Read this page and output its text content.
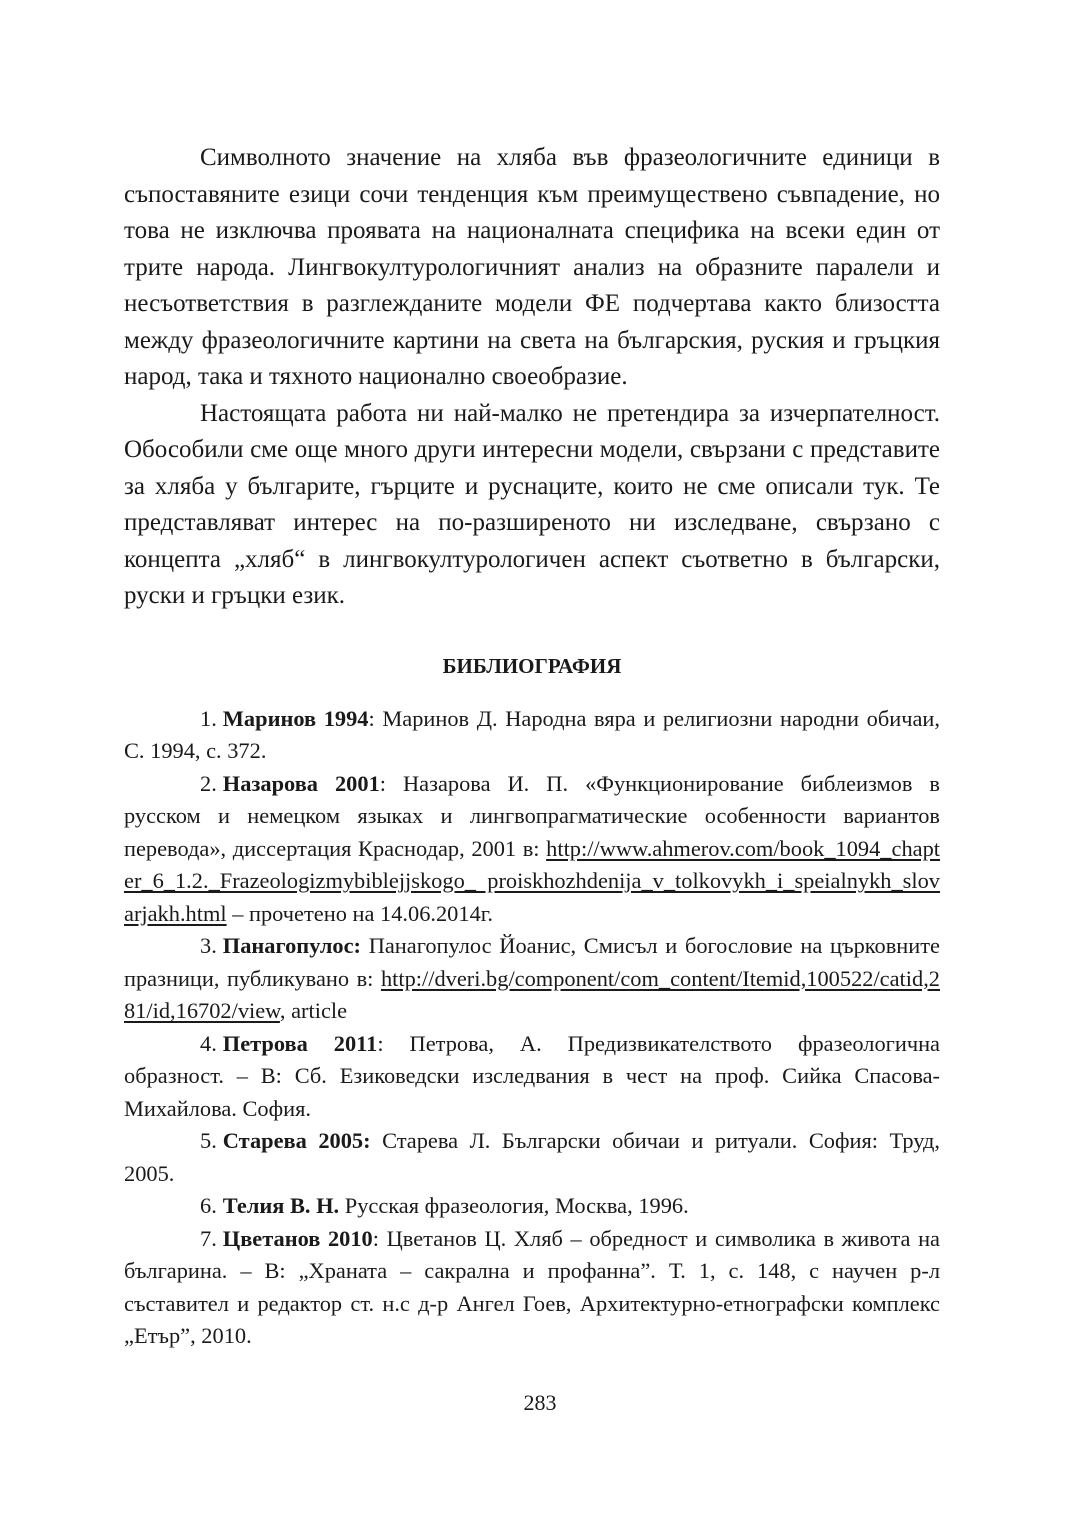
Символното значение на хляба във фразеологичните единици в съпоставяните езици сочи тенденция към преимуществено съвпадение, но това не изключва проявата на националната специфика на всеки един от трите народа. Лингвокултурологичният анализ на образните паралели и несъответствия в разглежданите модели ФЕ подчертава както близостта между фразеологичните картини на света на българския, руския и гръцкия народ, така и тяхното национално своеобразие.

Настоящата работа ни най-малко не претендира за изчерпателност. Обособили сме още много други интересни модели, свързани с представите за хляба у българите, гърците и руснаците, които не сме описали тук. Те представляват интерес на по-разширеното ни изследване, свързано с концепта „хляб“ в лингвокултурологичен аспект съответно в български, руски и гръцки език.

БИБЛИОГРАФИЯ
1. Маринов 1994: Маринов Д. Народна вяра и религиозни народни обичаи, С. 1994, с. 372.
2. Назарова 2001: Назарова И. П. «Функционирование библеизмов в русском и немецком языках и лингвопрагматические особенности вариантов перевода», диссертация Краснодар, 2001 в: http://www.ahmerov.com/book_1094_chapter_6_1.2._Frazeologizmybiblejjskogo_ proiskhozhdenija_v_tolkovykh_i_speialnykh_slovarjakh.html – прочетено на 14.06.2014г.
3. Панагопулос: Панагопулос Йоанис, Смисъл и богословие на църковните празници, публикувано в: http://dveri.bg/component/com_content/Itemid,100522/catid,281/id,16702/view, article
4. Петрова 2011: Петрова, А. Предизвикателството фразеологична образност. – В: Сб. Езиковедски изследвания в чест на проф. Сийка Спасова-Михайлова. София.
5. Старева 2005: Старева Л. Български обичаи и ритуали. София: Труд, 2005.
6. Телия В. Н. Русская фразеология, Москва, 1996.
7. Цветанов 2010: Цветанов Ц. Хляб – обредност и символика в живота на българина. – В: „Храната – сакрална и профанна”. Т. 1, с. 148, с научен р-л съставител и редактор ст. н.с д-р Ангел Гоев, Архитектурно-етнографски комплекс „Етър”, 2010.
283
